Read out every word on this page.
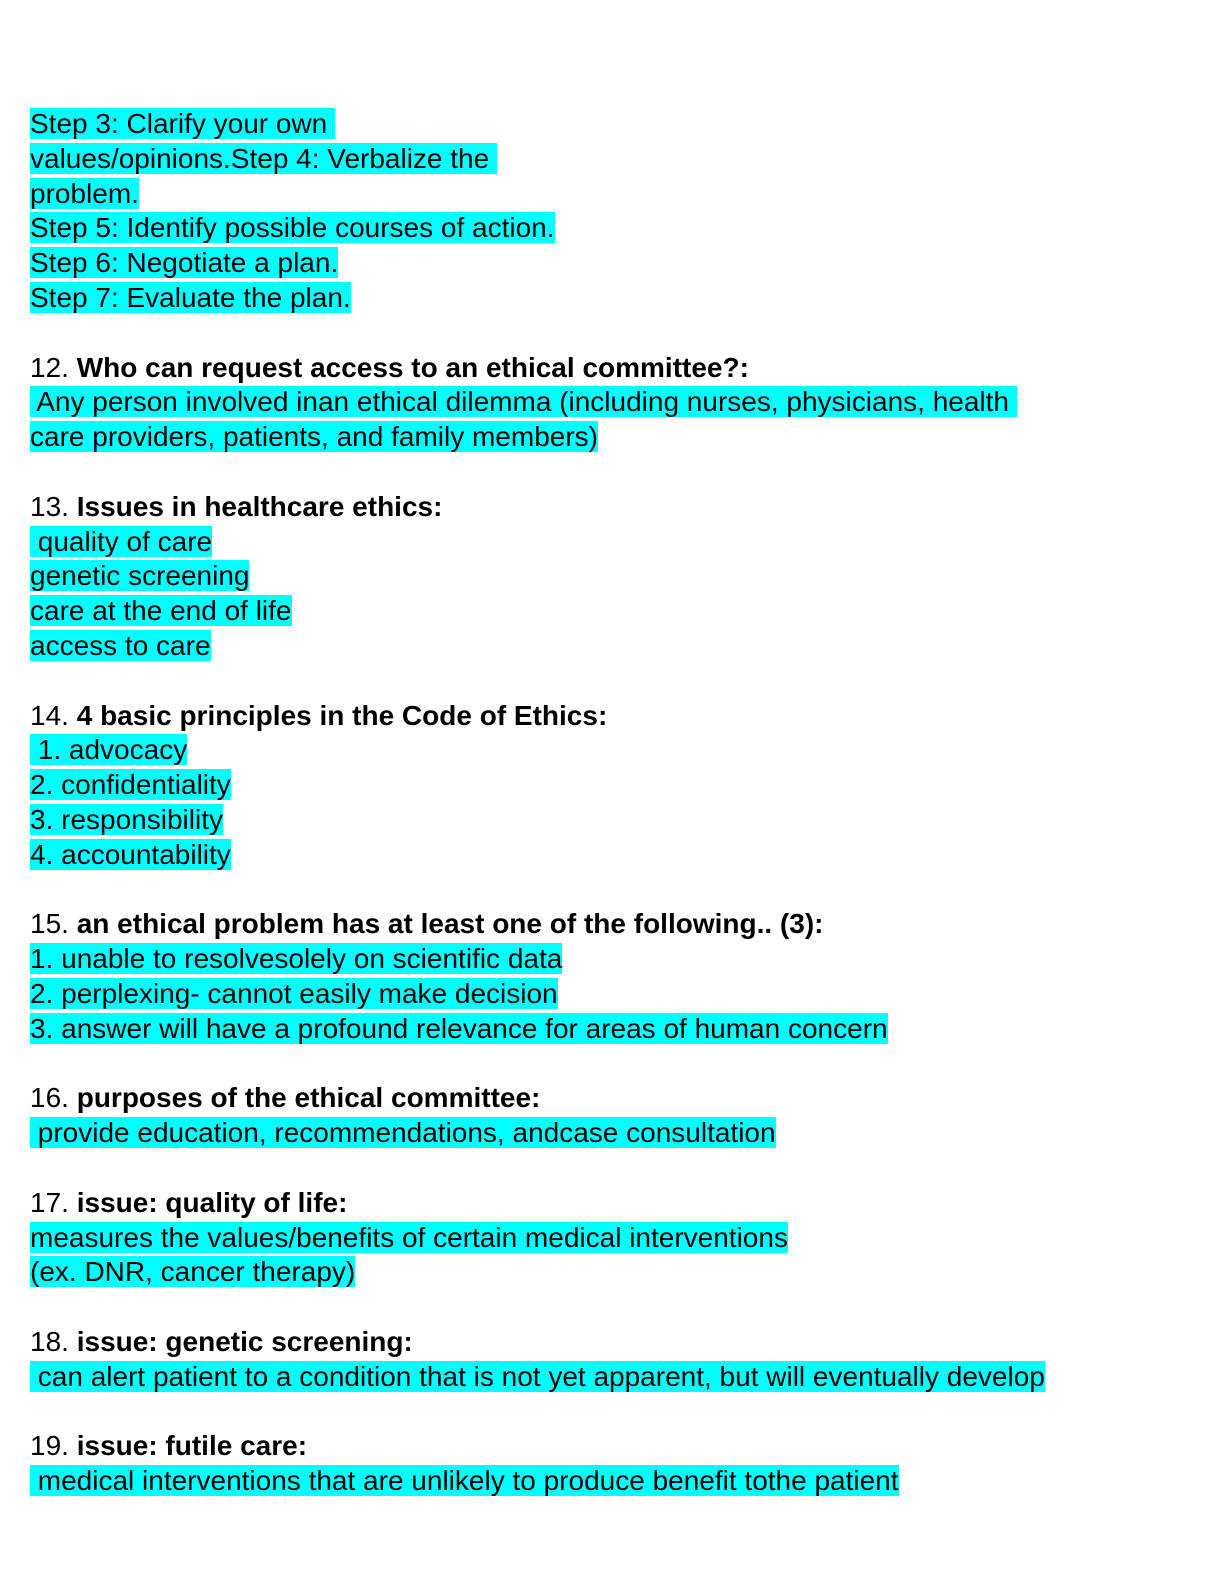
Step 3: Clarify your own
values/opinions.Step 4: Verbalize the
problem.
Step 5: Identify possible courses of action.
Step 6: Negotiate a plan.
Step 7: Evaluate the plan.
12. Who can request access to an ethical committee?:
Any person involved inan ethical dilemma (including nurses, physicians, health
care providers, patients, and family members)
13. Issues in healthcare ethics:
quality of care
genetic screening
care at the end of life
access to care
14. 4 basic principles in the Code of Ethics:
1. advocacy
2. confidentiality
3. responsibility
4. accountability
15. an ethical problem has at least one of the following.. (3):
1. unable to resolvesolely on scientific data
2. perplexing- cannot easily make decision
3. answer will have a profound relevance for areas of human concern
16. purposes of the ethical committee:
provide education, recommendations, andcase consultation
17. issue: quality of life:
measures the values/benefits of certain medical interventions
(ex. DNR, cancer therapy)
18. issue: genetic screening:
can alert patient to a condition that is not yet apparent, but will eventually develop
19. issue: futile care:
medical interventions that are unlikely to produce benefit tothe patient
